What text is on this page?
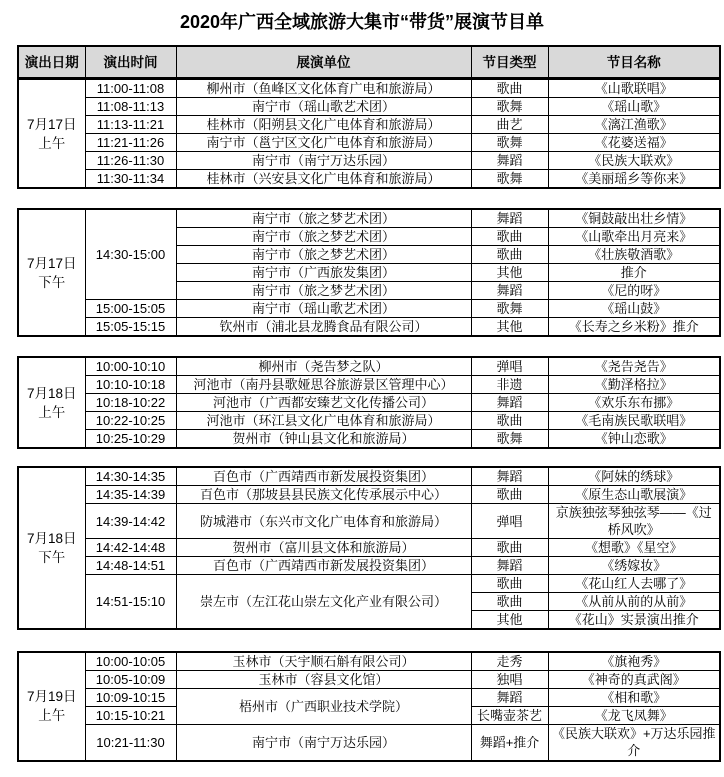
2020年广西全域旅游大集市“带货”展演节目单
演出日期	演出时间	展演单位	节目类型	节目名称
7月17日
上午	11:00-11:08	柳州市（鱼峰区文化体育广电和旅游局）	歌曲	《山歌联唱》
	11:08-11:13	南宁市（瑶山歌艺术团）	歌舞	《瑶山歌》
	11:13-11:21	桂林市（阳朔县文化广电体育和旅游局）	曲艺	《漓江渔歌》
	11:21-11:26	南宁市（邕宁区文化广电体育和旅游局）	歌舞	《花婆送福》
	11:26-11:30	南宁市（南宁万达乐园）	舞蹈	《民族大联欢》
	11:30-11:34	桂林市（兴安县文化广电体育和旅游局）	歌舞	《美丽瑶乡等你来》
7月17日
下午	14:30-15:00	南宁市（旅之梦艺术团）	舞蹈	《铜鼓敲出壮乡情》
		南宁市（旅之梦艺术团）	歌曲	《山歌牵出月亮来》
		南宁市（旅之梦艺术团）	歌曲	《壮族敬酒歌》
		南宁市（广西旅发集团）	其他	推介
		南宁市（旅之梦艺术团）	舞蹈	《尼的呀》
	15:00-15:05	南宁市（瑶山歌艺术团）	歌舞	《瑶山鼓》
	15:05-15:15	钦州市（浦北县龙腾食品有限公司）	其他	《长寿之乡米粉》推介
7月18日
上午	10:00-10:10	柳州市（尧告梦之队）	弹唱	《尧告尧告》
	10:10-10:18	河池市（南丹县歌娅思谷旅游景区管理中心）	非遗	《勤泽格拉》
	10:18-10:22	河池市（广西都安臻艺文化传播公司）	舞蹈	《欢乐东布挪》
	10:22-10:25	河池市（环江县文化广电体育和旅游局）	歌曲	《毛南族民歌联唱》
	10:25-10:29	贺州市（钟山县文化和旅游局）	歌舞	《钟山恋歌》
7月18日
下午	14:30-14:35	百色市（广西靖西市新发展投资集团）	舞蹈	《阿妹的绣球》
	14:35-14:39	百色市（那坡县县民族文化传承展示中心）	歌曲	《原生态山歌展演》
	14:39-14:42	防城港市（东兴市文化广电体育和旅游局）	弹唱	京族独弦琴独弦琴——《过桥风吹》
	14:42-14:48	贺州市（富川县文体和旅游局）	歌曲	《想歌》《星空》
	14:48-14:51	百色市（广西靖西市新发展投资集团）	舞蹈	《绣嫁妆》
	14:51-15:10	崇左市（左江花山崇左文化产业有限公司）	歌曲	《花山红人去哪了》
			歌曲	《从前从前的从前》
			其他	《花山》实景演出推介
7月19日
上午	10:00-10:05	玉林市（天宇顺石斛有限公司）	走秀	《旗袍秀》
	10:05-10:09	玉林市（容县文化馆）	独唱	《神奇的真武阁》
	10:09-10:15	梧州市（广西职业技术学院）	舞蹈	《相和歌》
	10:15-10:21		长嘴壶茶艺	《龙飞凤舞》
	10:21-11:30	南宁市（南宁万达乐园）	舞蹈+推介	《民族大联欢》+万达乐园推介
